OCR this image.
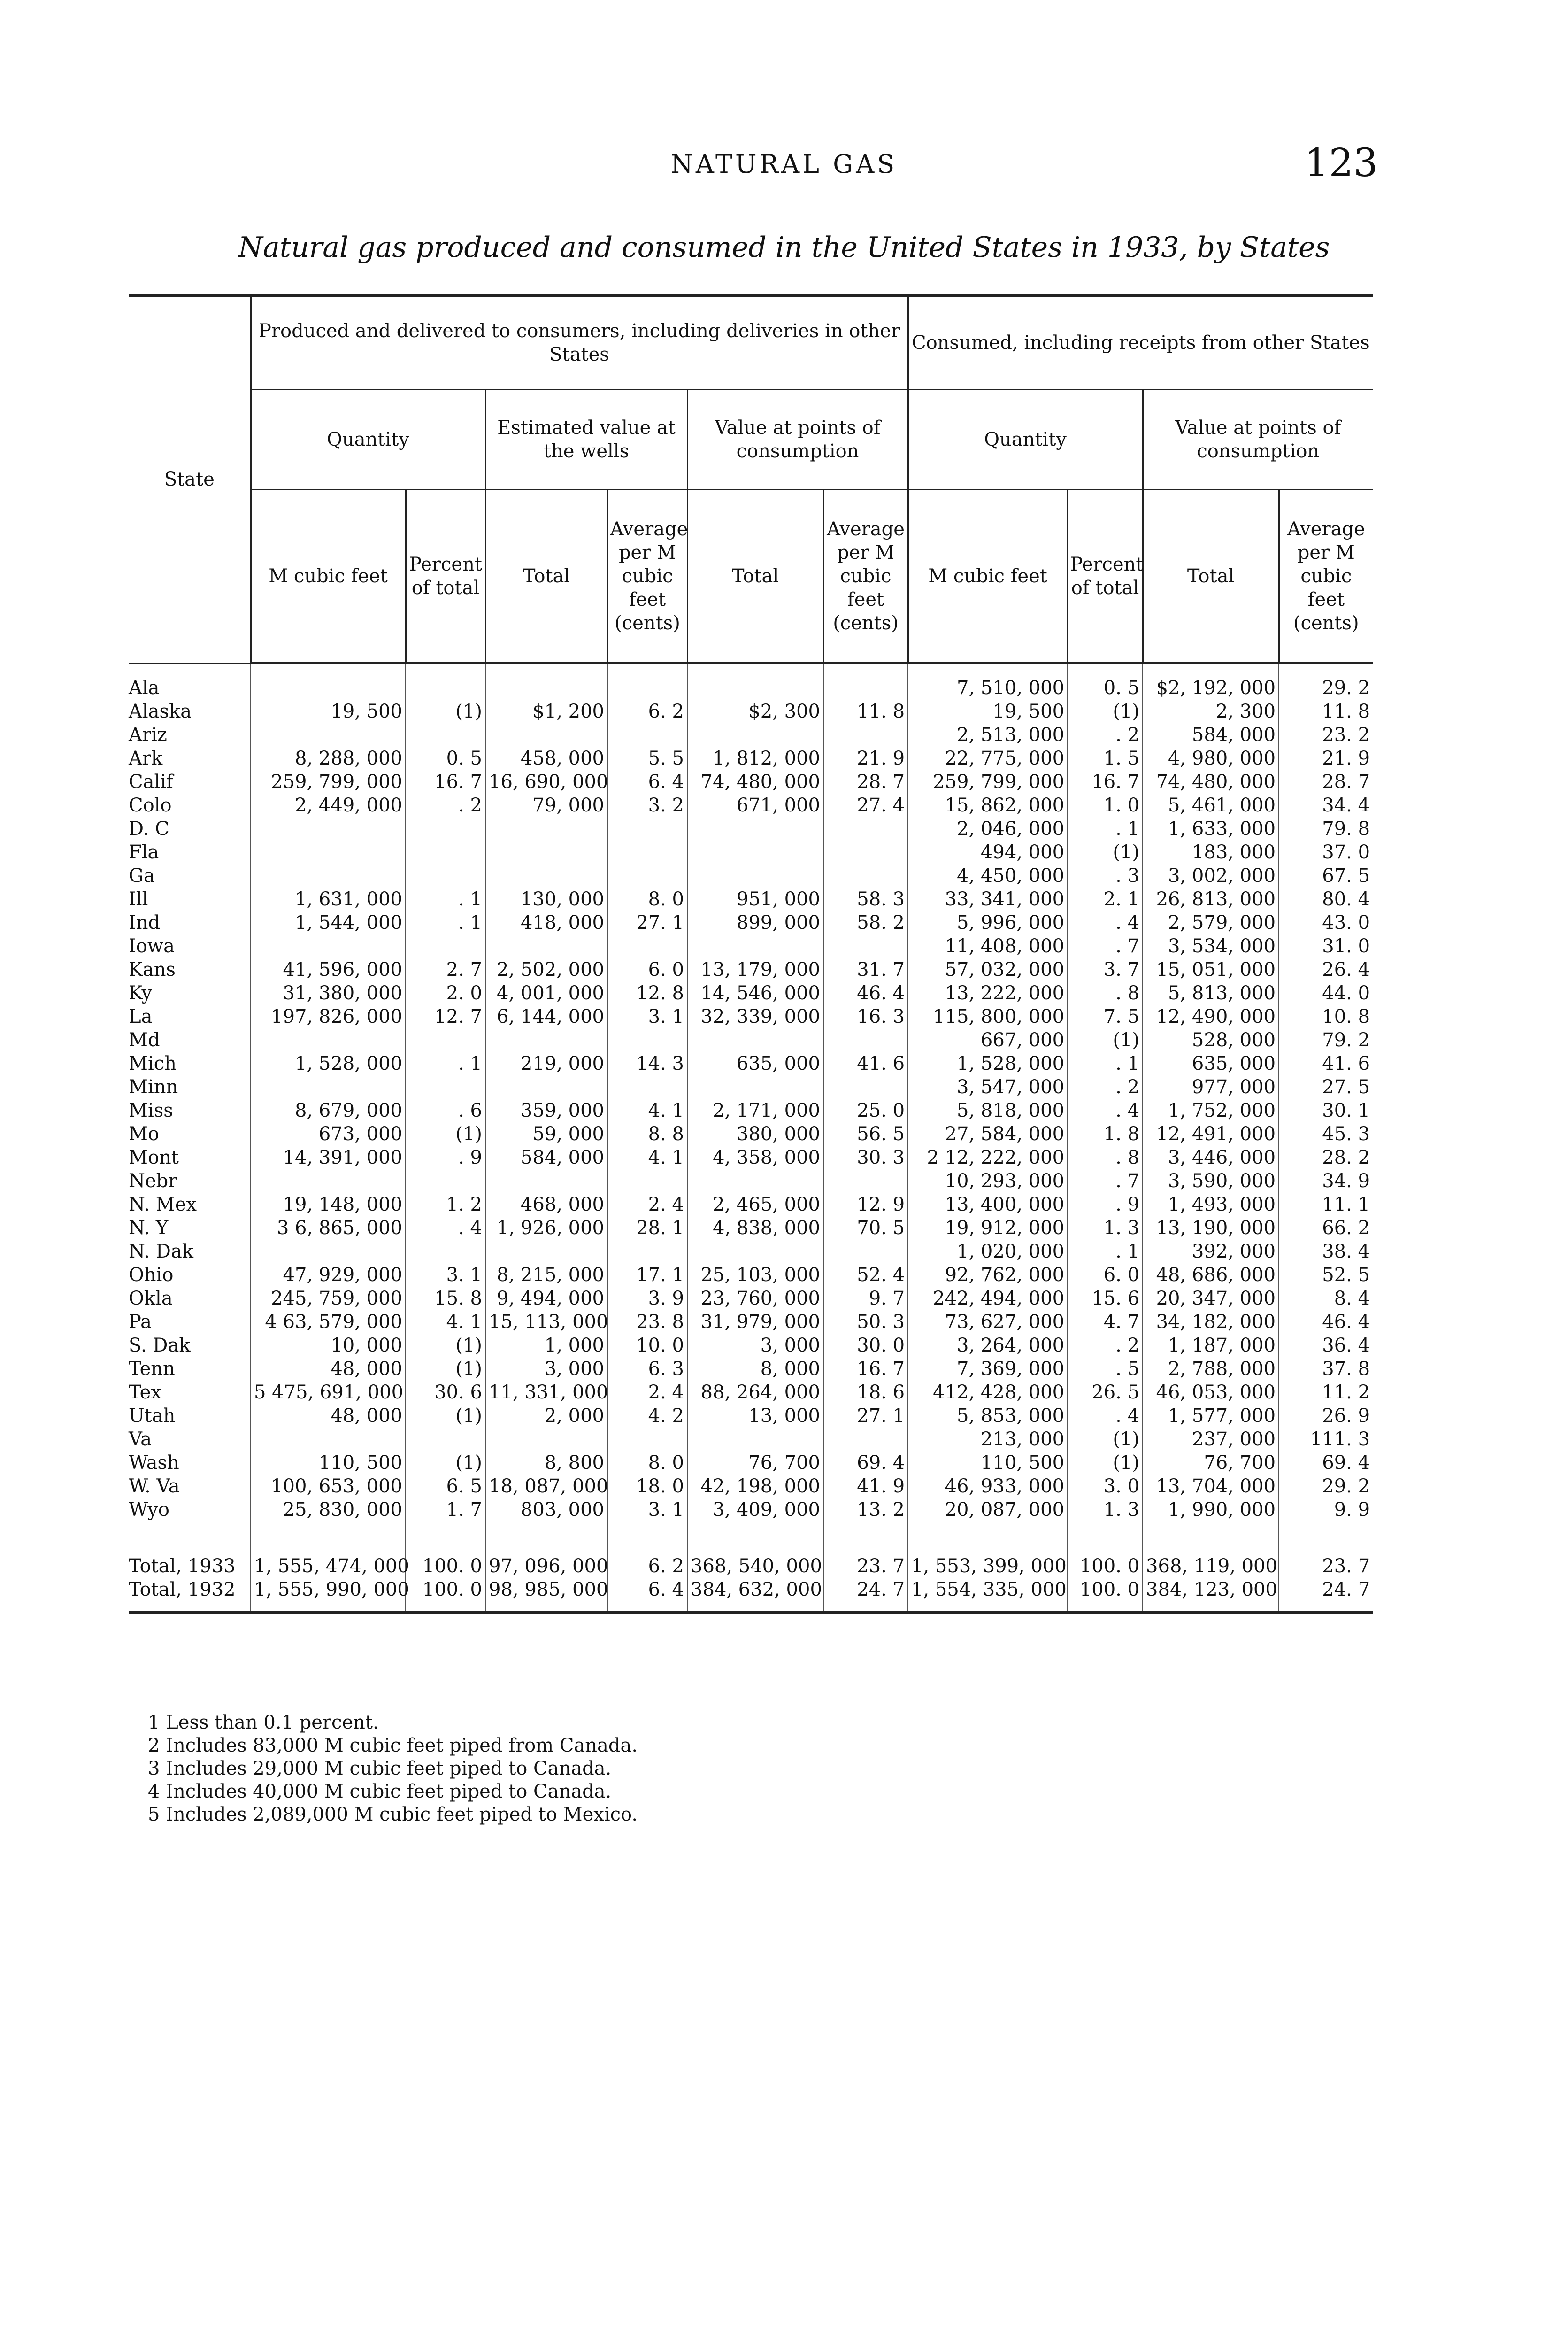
NATURAL GAS	123
Natural gas produced and consumed in the United States in 1933, by States
State	Produced and delivered to consumers, including deliveries in other States						Consumed, including receipts from other States			
	Quantity		Estimated value at the wells		Value at points of consumption		Quantity		Value at points of consumption	
	M cubic feet	Percent of total	Total	Average per M cubic feet (cents)	Total	Average per M cubic feet (cents)	M cubic feet	Percent of total	Total	Average per M cubic feet (cents)
Ala							7, 510, 000	0. 5	$2, 192, 000	29. 2
Alaska	19, 500	(1)	$1, 200	6. 2	$2, 300	11. 8	19, 500	(1)	2, 300	11. 8
Ariz							2, 513, 000	. 2	584, 000	23. 2
Ark	8, 288, 000	0. 5	458, 000	5. 5	1, 812, 000	21. 9	22, 775, 000	1. 5	4, 980, 000	21. 9
Calif	259, 799, 000	16. 7	16, 690, 000	6. 4	74, 480, 000	28. 7	259, 799, 000	16. 7	74, 480, 000	28. 7
Colo	2, 449, 000	. 2	79, 000	3. 2	671, 000	27. 4	15, 862, 000	1. 0	5, 461, 000	34. 4
D. C							2, 046, 000	. 1	1, 633, 000	79. 8
Fla							494, 000	(1)	183, 000	37. 0
Ga							4, 450, 000	. 3	3, 002, 000	67. 5
Ill	1, 631, 000	. 1	130, 000	8. 0	951, 000	58. 3	33, 341, 000	2. 1	26, 813, 000	80. 4
Ind	1, 544, 000	. 1	418, 000	27. 1	899, 000	58. 2	5, 996, 000	. 4	2, 579, 000	43. 0
Iowa							11, 408, 000	. 7	3, 534, 000	31. 0
Kans	41, 596, 000	2. 7	2, 502, 000	6. 0	13, 179, 000	31. 7	57, 032, 000	3. 7	15, 051, 000	26. 4
Ky	31, 380, 000	2. 0	4, 001, 000	12. 8	14, 546, 000	46. 4	13, 222, 000	. 8	5, 813, 000	44. 0
La	197, 826, 000	12. 7	6, 144, 000	3. 1	32, 339, 000	16. 3	115, 800, 000	7. 5	12, 490, 000	10. 8
Md							667, 000	(1)	528, 000	79. 2
Mich	1, 528, 000	. 1	219, 000	14. 3	635, 000	41. 6	1, 528, 000	. 1	635, 000	41. 6
Minn							3, 547, 000	. 2	977, 000	27. 5
Miss	8, 679, 000	. 6	359, 000	4. 1	2, 171, 000	25. 0	5, 818, 000	. 4	1, 752, 000	30. 1
Mo	673, 000	(1)	59, 000	8. 8	380, 000	56. 5	27, 584, 000	1. 8	12, 491, 000	45. 3
Mont	14, 391, 000	. 9	584, 000	4. 1	4, 358, 000	30. 3	2 12, 222, 000	. 8	3, 446, 000	28. 2
Nebr							10, 293, 000	. 7	3, 590, 000	34. 9
N. Mex	19, 148, 000	1. 2	468, 000	2. 4	2, 465, 000	12. 9	13, 400, 000	. 9	1, 493, 000	11. 1
N. Y	3 6, 865, 000	. 4	1, 926, 000	28. 1	4, 838, 000	70. 5	19, 912, 000	1. 3	13, 190, 000	66. 2
N. Dak							1, 020, 000	. 1	392, 000	38. 4
Ohio	47, 929, 000	3. 1	8, 215, 000	17. 1	25, 103, 000	52. 4	92, 762, 000	6. 0	48, 686, 000	52. 5
Okla	245, 759, 000	15. 8	9, 494, 000	3. 9	23, 760, 000	9. 7	242, 494, 000	15. 6	20, 347, 000	8. 4
Pa	4 63, 579, 000	4. 1	15, 113, 000	23. 8	31, 979, 000	50. 3	73, 627, 000	4. 7	34, 182, 000	46. 4
S. Dak	10, 000	(1)	1, 000	10. 0	3, 000	30. 0	3, 264, 000	. 2	1, 187, 000	36. 4
Tenn	48, 000	(1)	3, 000	6. 3	8, 000	16. 7	7, 369, 000	. 5	2, 788, 000	37. 8
Tex	5 475, 691, 000	30. 6	11, 331, 000	2. 4	88, 264, 000	18. 6	412, 428, 000	26. 5	46, 053, 000	11. 2
Utah	48, 000	(1)	2, 000	4. 2	13, 000	27. 1	5, 853, 000	. 4	1, 577, 000	26. 9
Va							213, 000	(1)	237, 000	111. 3
Wash	110, 500	(1)	8, 800	8. 0	76, 700	69. 4	110, 500	(1)	76, 700	69. 4
W. Va	100, 653, 000	6. 5	18, 087, 000	18. 0	42, 198, 000	41. 9	46, 933, 000	3. 0	13, 704, 000	29. 2
Wyo	25, 830, 000	1. 7	803, 000	3. 1	3, 409, 000	13. 2	20, 087, 000	1. 3	1, 990, 000	9. 9
Total, 1933	1, 555, 474, 000	100. 0	97, 096, 000	6. 2	368, 540, 000	23. 7	1, 553, 399, 000	100. 0	368, 119, 000	23. 7
Total, 1932	1, 555, 990, 000	100. 0	98, 985, 000	6. 4	384, 632, 000	24. 7	1, 554, 335, 000	100. 0	384, 123, 000	24. 7
1 Less than 0.1 percent.
2 Includes 83,000 M cubic feet piped from Canada.
3 Includes 29,000 M cubic feet piped to Canada.
4 Includes 40,000 M cubic feet piped to Canada.
5 Includes 2,089,000 M cubic feet piped to Mexico.
